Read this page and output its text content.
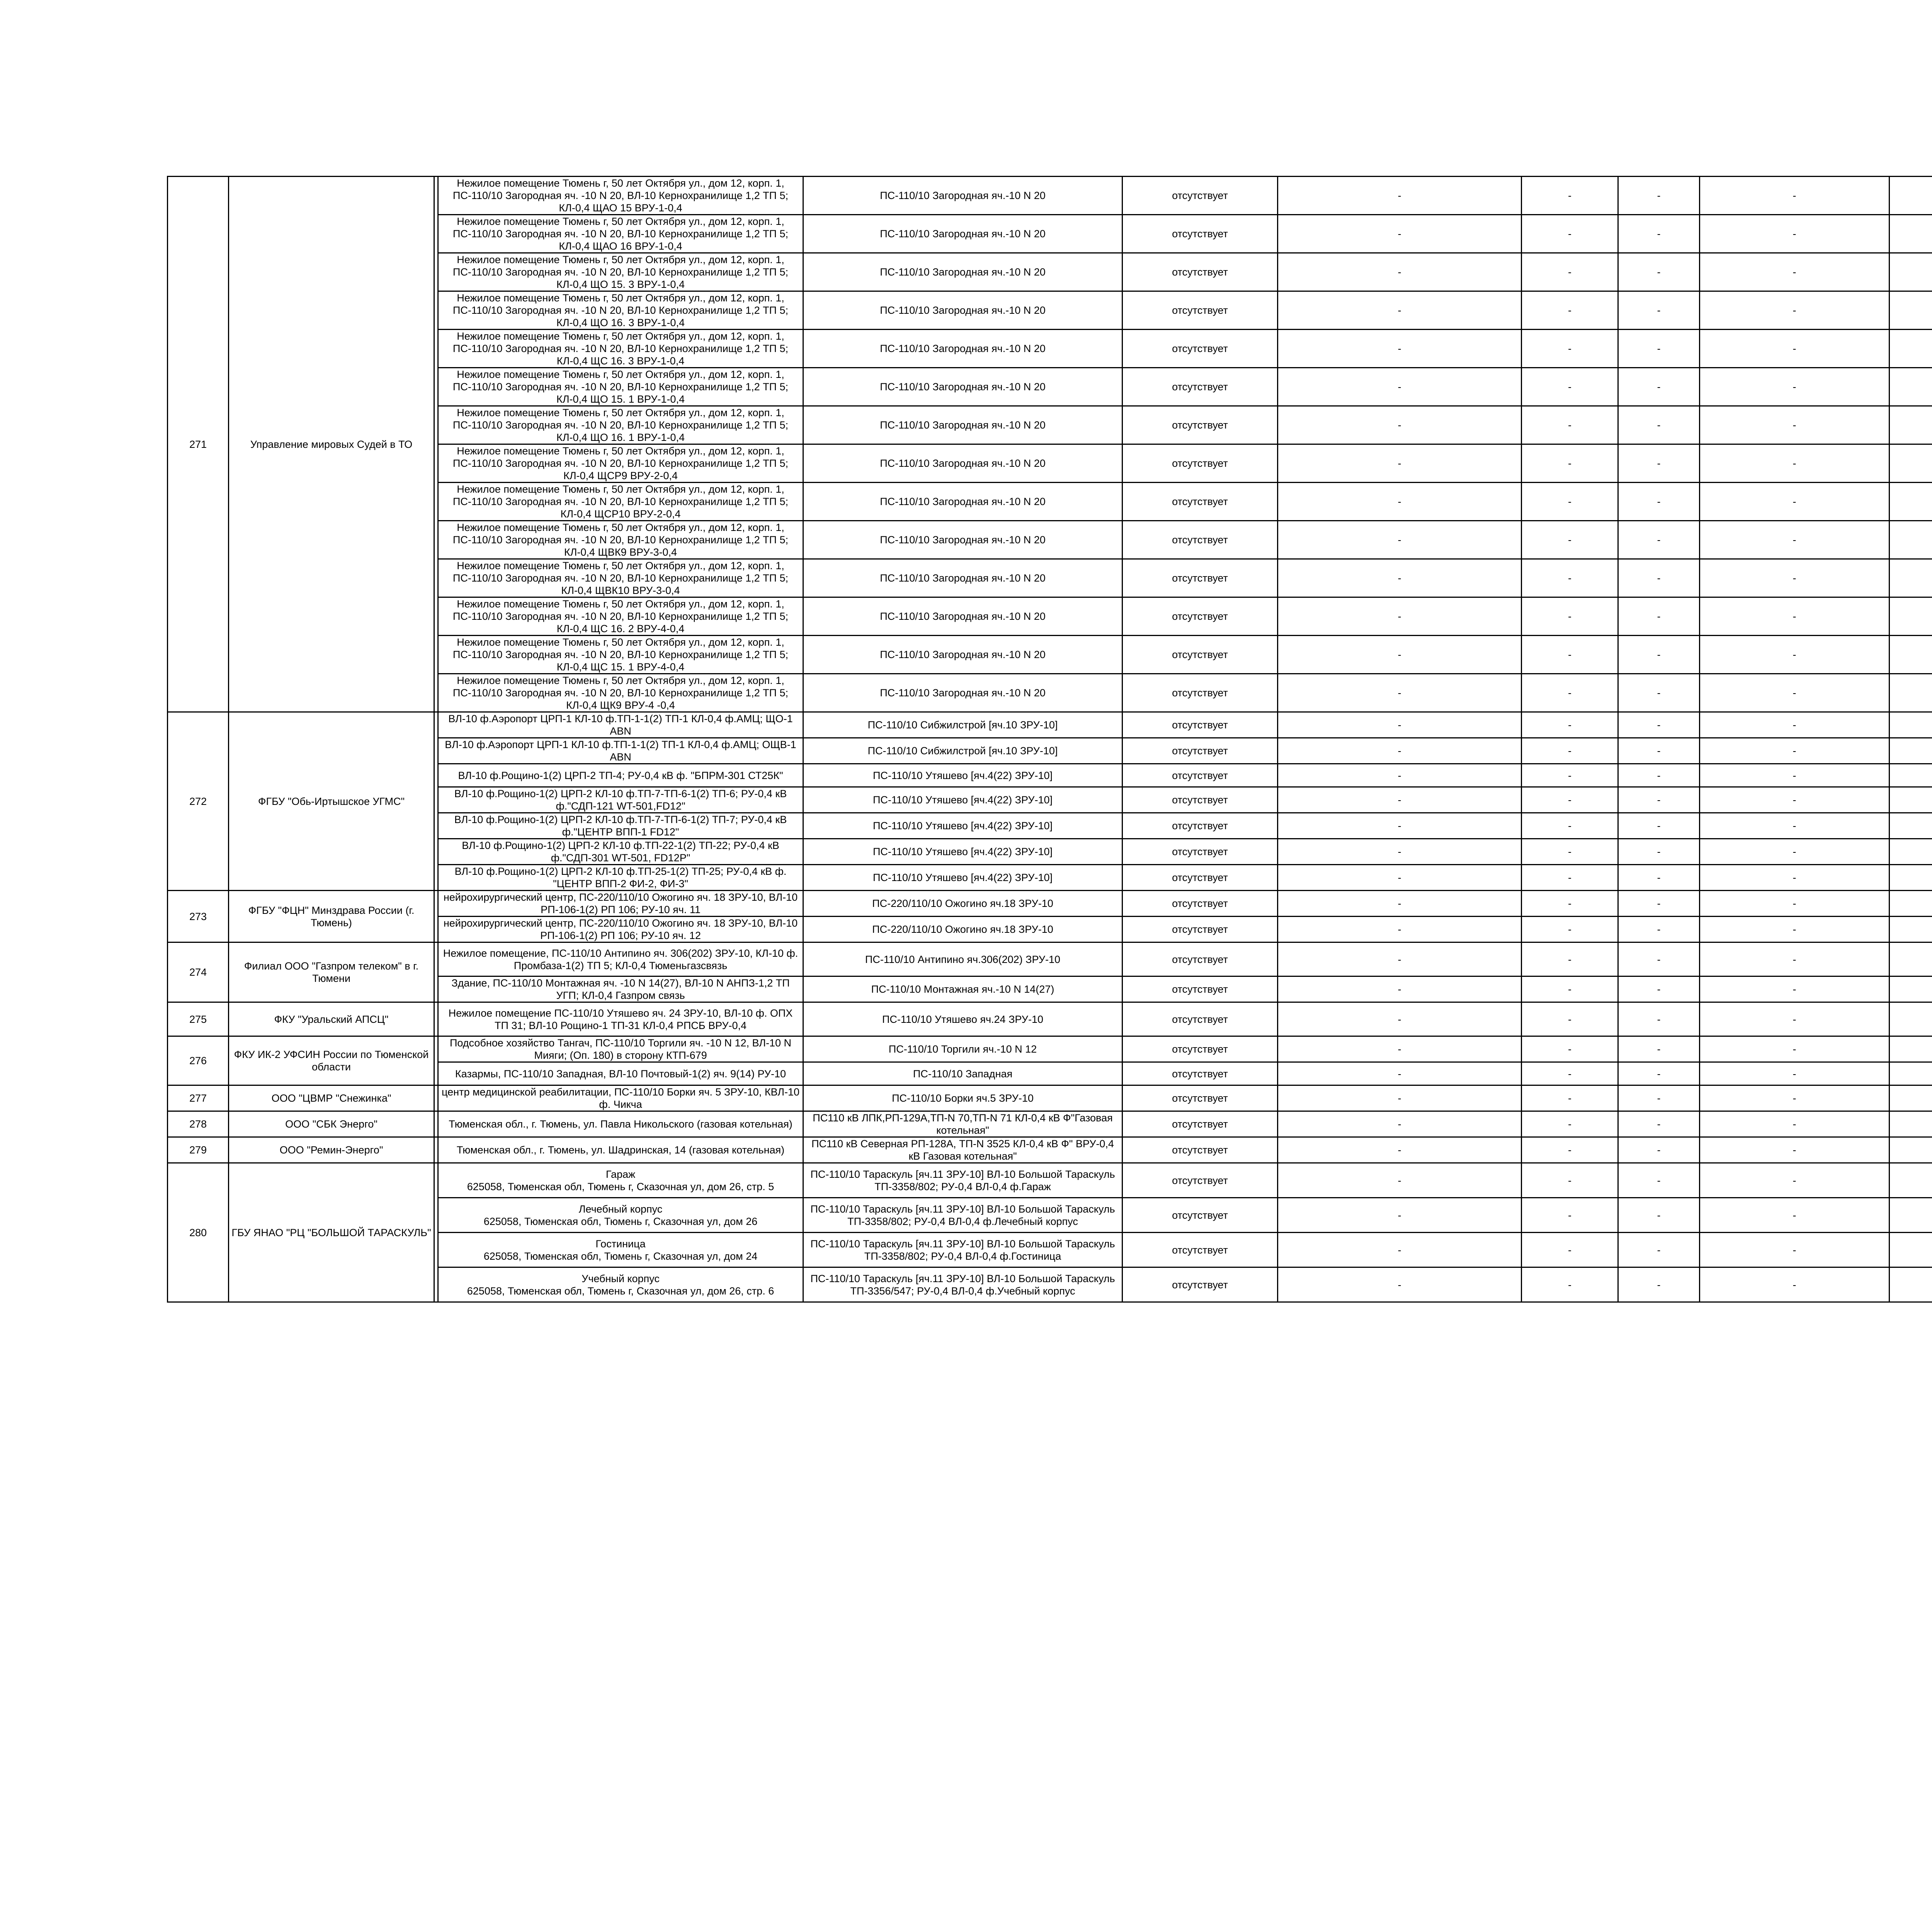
271	Управление мировых Судей в ТО		Нежилое помещение Тюмень г, 50 лет Октября ул., дом 12, корп. 1, ПС-110/10 Загородная яч. -10 N 20, ВЛ-10 Кернохранилище 1,2 ТП 5; КЛ-0,4 ЩАО 15 ВРУ-1-0,4	ПС-110/10 Загородная яч.-10 N 20	отсутствует	-	-	-	-		
			Нежилое помещение Тюмень г, 50 лет Октября ул., дом 12, корп. 1, ПС-110/10 Загородная яч. -10 N 20, ВЛ-10 Кернохранилище 1,2 ТП 5; КЛ-0,4 ЩАО 16 ВРУ-1-0,4	ПС-110/10 Загородная яч.-10 N 20	отсутствует	-	-	-	-		
			Нежилое помещение Тюмень г, 50 лет Октября ул., дом 12, корп. 1, ПС-110/10 Загородная яч. -10 N 20, ВЛ-10 Кернохранилище 1,2 ТП 5; КЛ-0,4 ЩО 15. 3 ВРУ-1-0,4	ПС-110/10 Загородная яч.-10 N 20	отсутствует	-	-	-	-		
			Нежилое помещение Тюмень г, 50 лет Октября ул., дом 12, корп. 1, ПС-110/10 Загородная яч. -10 N 20, ВЛ-10 Кернохранилище 1,2 ТП 5; КЛ-0,4 ЩО 16. 3 ВРУ-1-0,4	ПС-110/10 Загородная яч.-10 N 20	отсутствует	-	-	-	-		
			Нежилое помещение Тюмень г, 50 лет Октября ул., дом 12, корп. 1, ПС-110/10 Загородная яч. -10 N 20, ВЛ-10 Кернохранилище 1,2 ТП 5; КЛ-0,4 ЩС 16. 3 ВРУ-1-0,4	ПС-110/10 Загородная яч.-10 N 20	отсутствует	-	-	-	-		
			Нежилое помещение Тюмень г, 50 лет Октября ул., дом 12, корп. 1, ПС-110/10 Загородная яч. -10 N 20, ВЛ-10 Кернохранилище 1,2 ТП 5; КЛ-0,4 ЩО 15. 1 ВРУ-1-0,4	ПС-110/10 Загородная яч.-10 N 20	отсутствует	-	-	-	-		
			Нежилое помещение Тюмень г, 50 лет Октября ул., дом 12, корп. 1, ПС-110/10 Загородная яч. -10 N 20, ВЛ-10 Кернохранилище 1,2 ТП 5; КЛ-0,4 ЩО 16. 1 ВРУ-1-0,4	ПС-110/10 Загородная яч.-10 N 20	отсутствует	-	-	-	-		
			Нежилое помещение Тюмень г, 50 лет Октября ул., дом 12, корп. 1, ПС-110/10 Загородная яч. -10 N 20, ВЛ-10 Кернохранилище 1,2 ТП 5; КЛ-0,4 ЩСР9 ВРУ-2-0,4	ПС-110/10 Загородная яч.-10 N 20	отсутствует	-	-	-	-		
			Нежилое помещение Тюмень г, 50 лет Октября ул., дом 12, корп. 1, ПС-110/10 Загородная яч. -10 N 20, ВЛ-10 Кернохранилище 1,2 ТП 5; КЛ-0,4 ЩСР10 ВРУ-2-0,4	ПС-110/10 Загородная яч.-10 N 20	отсутствует	-	-	-	-		
			Нежилое помещение Тюмень г, 50 лет Октября ул., дом 12, корп. 1, ПС-110/10 Загородная яч. -10 N 20, ВЛ-10 Кернохранилище 1,2 ТП 5; КЛ-0,4 ЩВК9 ВРУ-3-0,4	ПС-110/10 Загородная яч.-10 N 20	отсутствует	-	-	-	-		
			Нежилое помещение Тюмень г, 50 лет Октября ул., дом 12, корп. 1, ПС-110/10 Загородная яч. -10 N 20, ВЛ-10 Кернохранилище 1,2 ТП 5; КЛ-0,4 ЩВК10 ВРУ-3-0,4	ПС-110/10 Загородная яч.-10 N 20	отсутствует	-	-	-	-		
			Нежилое помещение Тюмень г, 50 лет Октября ул., дом 12, корп. 1, ПС-110/10 Загородная яч. -10 N 20, ВЛ-10 Кернохранилище 1,2 ТП 5; КЛ-0,4 ЩС 16. 2 ВРУ-4-0,4	ПС-110/10 Загородная яч.-10 N 20	отсутствует	-	-	-	-		
			Нежилое помещение Тюмень г, 50 лет Октября ул., дом 12, корп. 1, ПС-110/10 Загородная яч. -10 N 20, ВЛ-10 Кернохранилище 1,2 ТП 5; КЛ-0,4 ЩС 15. 1 ВРУ-4-0,4	ПС-110/10 Загородная яч.-10 N 20	отсутствует	-	-	-	-		
			Нежилое помещение Тюмень г, 50 лет Октября ул., дом 12, корп. 1, ПС-110/10 Загородная яч. -10 N 20, ВЛ-10 Кернохранилище 1,2 ТП 5; КЛ-0,4 ЩК9 ВРУ-4 -0,4	ПС-110/10 Загородная яч.-10 N 20	отсутствует	-	-	-	-		
272	ФГБУ "Обь-Иртышское УГМС"		ВЛ-10 ф.Аэропорт ЦРП-1 КЛ-10 ф.ТП-1-1(2) ТП-1 КЛ-0,4 ф.АМЦ; ЩО-1 АВN	ПС-110/10 Сибжилстрой [яч.10 ЗРУ-10]	отсутствует	-	-	-	-		
			ВЛ-10 ф.Аэропорт ЦРП-1 КЛ-10 ф.ТП-1-1(2) ТП-1 КЛ-0,4 ф.АМЦ; ОЩВ-1 АВN	ПС-110/10 Сибжилстрой [яч.10 ЗРУ-10]	отсутствует	-	-	-	-		
			ВЛ-10 ф.Рощино-1(2) ЦРП-2 ТП-4; РУ-0,4 кВ ф. "БПРМ-301 СТ25К"	ПС-110/10 Утяшево [яч.4(22) ЗРУ-10]	отсутствует	-	-	-	-		
			ВЛ-10 ф.Рощино-1(2) ЦРП-2 КЛ-10 ф.ТП-7-ТП-6-1(2) ТП-6; РУ-0,4 кВ ф."СДП-121 WT-501,FD12"	ПС-110/10 Утяшево [яч.4(22) ЗРУ-10]	отсутствует	-	-	-	-		
			ВЛ-10 ф.Рощино-1(2) ЦРП-2 КЛ-10 ф.ТП-7-ТП-6-1(2) ТП-7; РУ-0,4 кВ ф."ЦЕНТР ВПП-1 FD12"	ПС-110/10 Утяшево [яч.4(22) ЗРУ-10]	отсутствует	-	-	-	-		
			ВЛ-10 ф.Рощино-1(2) ЦРП-2 КЛ-10 ф.ТП-22-1(2) ТП-22; РУ-0,4 кВ ф."СДП-301 WT-501, FD12Р"	ПС-110/10 Утяшево [яч.4(22) ЗРУ-10]	отсутствует	-	-	-	-		
			ВЛ-10 ф.Рощино-1(2) ЦРП-2 КЛ-10 ф.ТП-25-1(2) ТП-25; РУ-0,4 кВ ф. "ЦЕНТР ВПП-2 ФИ-2, ФИ-3"	ПС-110/10 Утяшево [яч.4(22) ЗРУ-10]	отсутствует	-	-	-	-		
273	ФГБУ "ФЦН" Минздрава России (г. Тюмень)		нейрохирургический центр, ПС-220/110/10 Ожогино яч. 18 ЗРУ-10, ВЛ-10 РП-106-1(2) РП 106; РУ-10 яч. 11	ПС-220/110/10 Ожогино яч.18 ЗРУ-10	отсутствует	-	-	-	-		
			нейрохирургический центр, ПС-220/110/10 Ожогино яч. 18 ЗРУ-10, ВЛ-10 РП-106-1(2) РП 106; РУ-10 яч. 12	ПС-220/110/10 Ожогино яч.18 ЗРУ-10	отсутствует	-	-	-	-		
274	Филиал ООО "Газпром телеком" в г. Тюмени		Нежилое помещение, ПС-110/10 Антипино яч. 306(202) ЗРУ-10, КЛ-10 ф. Промбаза-1(2) ТП 5; КЛ-0,4 Тюменьгазсвязь	ПС-110/10 Антипино яч.306(202) ЗРУ-10	отсутствует	-	-	-	-		
			Здание, ПС-110/10 Монтажная яч. -10 N 14(27), ВЛ-10 N АНПЗ-1,2 ТП УГП; КЛ-0,4 Газпром связь	ПС-110/10 Монтажная яч.-10 N 14(27)	отсутствует	-	-	-	-		
275	ФКУ "Уральский АПСЦ"		Нежилое помещение ПС-110/10 Утяшево яч. 24 ЗРУ-10, ВЛ-10 ф. ОПХ ТП 31; ВЛ-10 Рощино-1 ТП-31 КЛ-0,4 РПСБ ВРУ-0,4	ПС-110/10 Утяшево яч.24 ЗРУ-10	отсутствует	-	-	-	-		
276	ФКУ ИК-2 УФСИН России по Тюменской области		Подсобное хозяйство Тангач, ПС-110/10 Торгили яч. -10 N 12, ВЛ-10 N Мияги; (Оп. 180) в сторону КТП-679	ПС-110/10 Торгили яч.-10 N 12	отсутствует	-	-	-	-		
			Казармы, ПС-110/10 Западная, ВЛ-10 Почтовый-1(2) яч. 9(14) РУ-10	ПС-110/10 Западная	отсутствует	-	-	-	-		
277	ООО "ЦВМР "Снежинка"		центр медицинской реабилитации, ПС-110/10 Борки яч. 5 ЗРУ-10, КВЛ-10 ф. Чикча	ПС-110/10 Борки яч.5 ЗРУ-10	отсутствует	-	-	-	-		
278	ООО "СБК Энерго"		Тюменская обл., г. Тюмень, ул. Павла Никольского (газовая котельная)	ПС110 кВ ЛПК,РП-129А,ТП-N 70,ТП-N 71 КЛ-0,4 кВ Ф"Газовая котельная"	отсутствует	-	-	-	-		
279	ООО "Ремин-Энерго"		Тюменская обл., г. Тюмень, ул. Шадринская, 14 (газовая котельная)	ПС110 кВ Северная РП-128А, ТП-N 3525 КЛ-0,4 кВ Ф" ВРУ-0,4 кВ Газовая котельная"	отсутствует	-	-	-	-		
280	ГБУ ЯНАО "РЦ "БОЛЬШОЙ ТАРАСКУЛЬ"		Гараж
625058, Тюменская обл, Тюмень г, Сказочная ул, дом 26, стр. 5	ПС-110/10 Тараскуль [яч.11 ЗРУ-10] ВЛ-10 Большой Тараскуль ТП-3358/802; РУ-0,4 ВЛ-0,4 ф.Гараж	отсутствует	-	-	-	-		
			Лечебный корпус
625058, Тюменская обл, Тюмень г, Сказочная ул, дом 26	ПС-110/10 Тараскуль [яч.11 ЗРУ-10] ВЛ-10 Большой Тараскуль ТП-3358/802; РУ-0,4 ВЛ-0,4 ф.Лечебный корпус	отсутствует	-	-	-	-		
			Гостиница
625058, Тюменская обл, Тюмень г, Сказочная ул, дом 24	ПС-110/10 Тараскуль [яч.11 ЗРУ-10] ВЛ-10 Большой Тараскуль ТП-3358/802; РУ-0,4 ВЛ-0,4 ф.Гостиница	отсутствует	-	-	-	-		
			Учебный корпус
625058, Тюменская обл, Тюмень г, Сказочная ул, дом 26, стр. 6	ПС-110/10 Тараскуль [яч.11 ЗРУ-10] ВЛ-10 Большой Тараскуль ТП-3356/547; РУ-0,4 ВЛ-0,4 ф.Учебный корпус	отсутствует	-	-	-	-		
